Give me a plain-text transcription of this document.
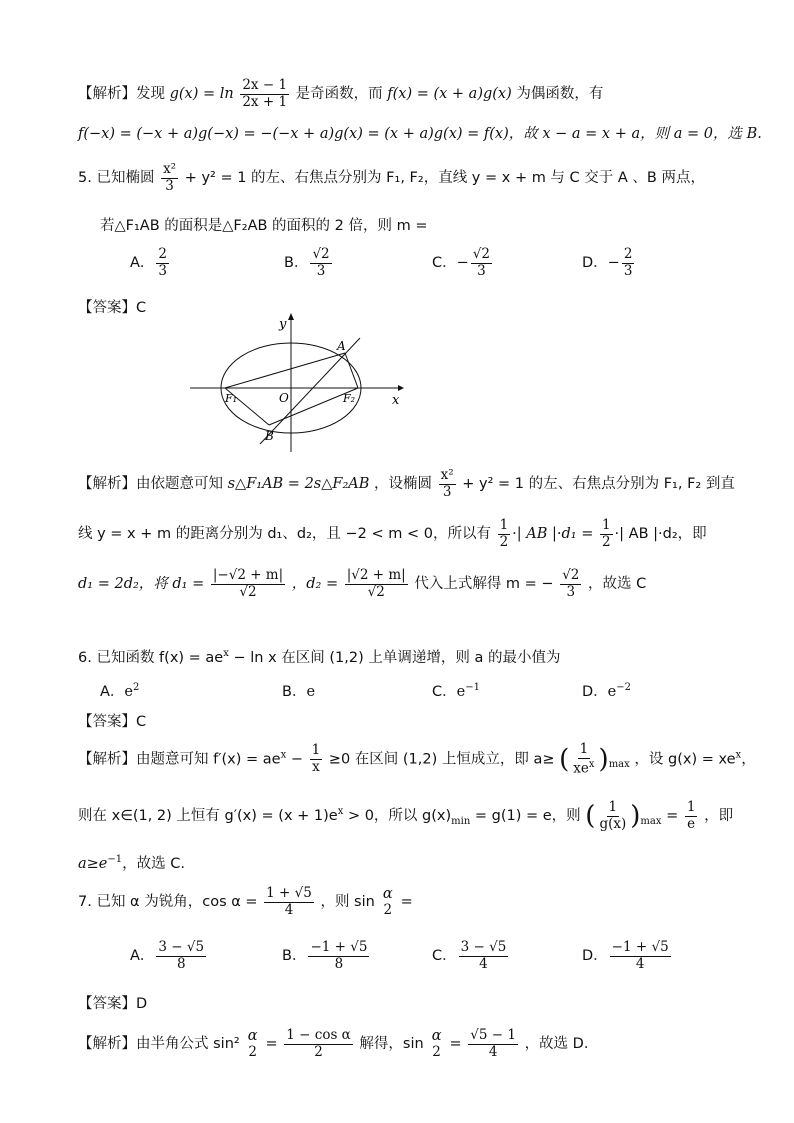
【解析】发现 $g(x) = \ln \frac{2x - 1}{2x + 1}$ 是奇函数，而 f(x) = (x + a)g(x) 为偶函数，有
f(−x) = (−x + a)g(−x) = −(−x + a)g(x) = (x + a)g(x) = f(x)，故 x − a = x + a，则 a = 0，选 B.
5. 已知椭圆 $\frac{\text{x²}}{3} + y^2 = 1$ 的左、右焦点分别为 F₁, F₂，直线 y = x + m 与 C 交于 A 、B 两点，
若△F₁AB 的面积是△F₂AB 的面积的 2 倍，则 m =
A． $\frac{2}{3}$	B． $\frac{√2}{3}$	C．− $\frac{√2}{3}$	D．− $\frac{2}{3}$
【答案】C
y
x
A
B
O
F₁	F₂
【解析】由依题意可知 s△F₁AB = 2s△F₂AB ，设椭圆 $\frac{\text{x²}}{3} + y^2 = 1$ 的左、右焦点分别为 F₁, F₂ 到直
线 y = x + m 的距离分别为 d₁、d₂，且 −2 < m < 0，所以有 $\frac{1}{2}$ ·| AB $|\cdot d_1 = \frac{1}{2}$ ·| AB |·d₂，即
d₁ = 2d₂，将 $d_1 = \frac{|-√2 + m|}{√2}$ ，$d_2 = \frac{|√2 + m|}{√2}$ 代入上式解得 m = − $\frac{√2}{3}$ ，故选 C
6. 已知函数 $f(x) = ae^x - \ln x$ 在区间 (1,2) 上单调递增，则 a 的最小值为
A．$e^2$	B．e	C．$e^{-1}$	D．$e^{-2}$
【答案】C
【解析】由题意可知 $f'(x) = ae^x - \frac{1}{x} \ge 0$ 在区间 (1,2) 上恒成立，即 a≥ ( $\frac{1}{xe^x} )_{max}$ ，设 $g(x) = xe^x$，
则在 x∈(1, 2) 上恒有 $g'(x) = (x + 1)e^x > 0$，所以 $g(x)_{min} = g(1) = e$，则 ( $\frac{1}{g(x)} )_{max} = \frac{1}{e}$ ，即
$a\ge e^{-1}$，故选 C.
7. 已知 α 为锐角，$\cos \alpha = \frac{1 + √5}{4}$ ，则 sin
α
2 =
A． $\frac{3 - √5}{8}$	B． $\frac{-1 + √5}{8}$	C． $\frac{3 - √5}{4}$	D． $\frac{-1 + √5}{4}$
【答案】D
【解析】由半角公式 sin²
α
$2 = \frac{\text{1 − cos α}}{2}$ 解得，sin
α
$2 = \frac{√5 - 1}{4}$ ，故选 D.
